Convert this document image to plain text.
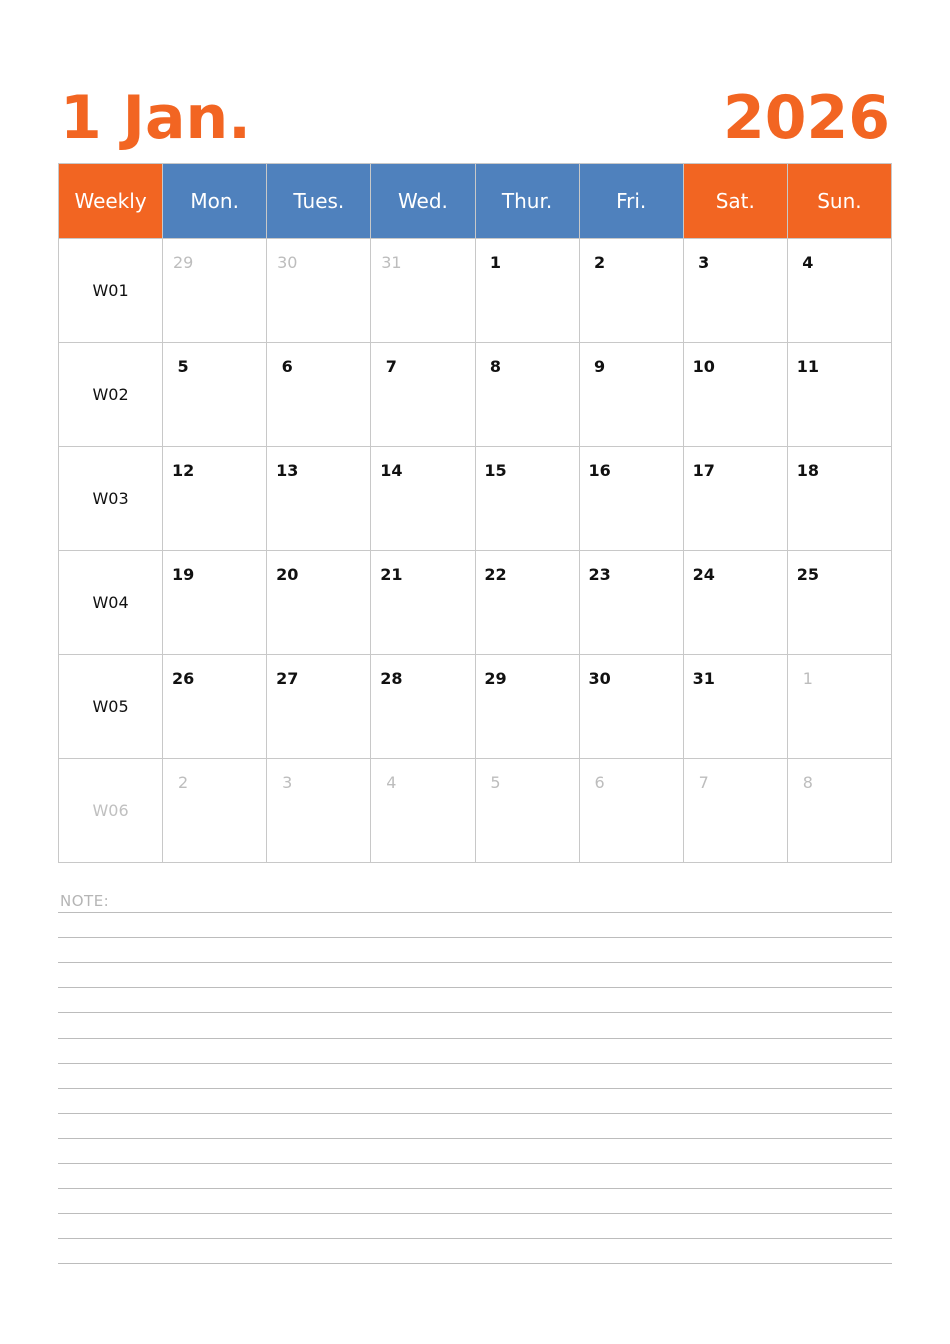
1 Jan.	2026
Weekly	Mon.	Tues.	Wed.	Thur.	Fri.	Sat.	Sun.
W01	29	30	31	1	2	3	4

W02	5	6	7	8	9	10	11

W03	12	13	14	15	16	17	18

W04	19	20	21	22	23	24	25

W05	26	27	28	29	30	31	1

W06	2	3	4	5	6	7	8
NOTE:
